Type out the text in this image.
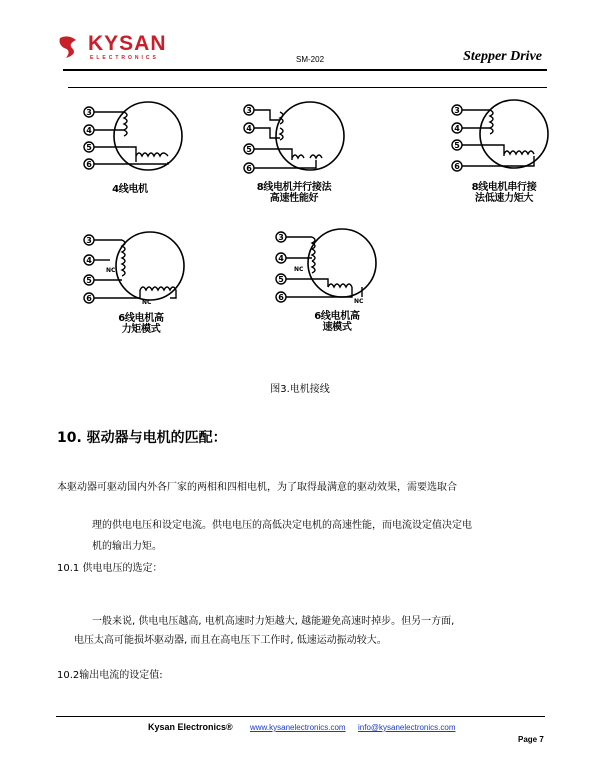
KYSAN
ELECTRONICS	SM-202	Stepper Drive
3
4
5
6
4线电机
3
4
5
6
8线电机并行接法
高速性能好
3
4
5
6
8线电机串行接
法低速力矩大
3
4
5
6
NC
NC
6线电机高
力矩模式
3
4
5
6
NC
NC
6线电机高
速模式
图3.电机接线
10. 驱动器与电机的匹配：
本驱动器可驱动国内外各厂家的两相和四相电机，为了取得最满意的驱动效果，需要选取合
理的供电电压和设定电流。供电电压的高低决定电机的高速性能，而电流设定值决定电
机的输出力矩。
10.1 供电电压的选定：
一般来说, 供电电压越高, 电机高速时力矩越大, 越能避免高速时掉步。但另一方面,
电压太高可能损坏驱动器, 而且在高电压下工作时, 低速运动振动较大。
10.2输出电流的设定值:
Kysan Electronics® www.kysanelectronics.com info@kysanelectronics.com
Page 7
